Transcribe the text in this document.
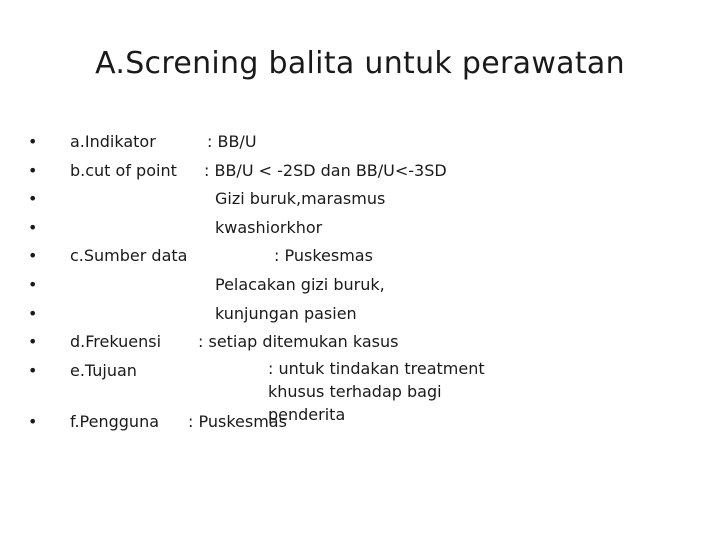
A.Screning balita untuk perawatan
• a.Indikator	: BB/U
• b.cut of point : BB/U < -2SD dan BB/U<-3SD
•	Gizi buruk,marasmus
•	kwashiorkhor
• c.Sumber data	: Puskesmas
•	Pelacakan gizi buruk,
•	kunjungan pasien
• d.Frekuensi : setiap ditemukan kasus
• e.Tujuan	: untuk tindakan treatment khusus terhadap bagi penderita
• f.Pengguna : Puskesmas
